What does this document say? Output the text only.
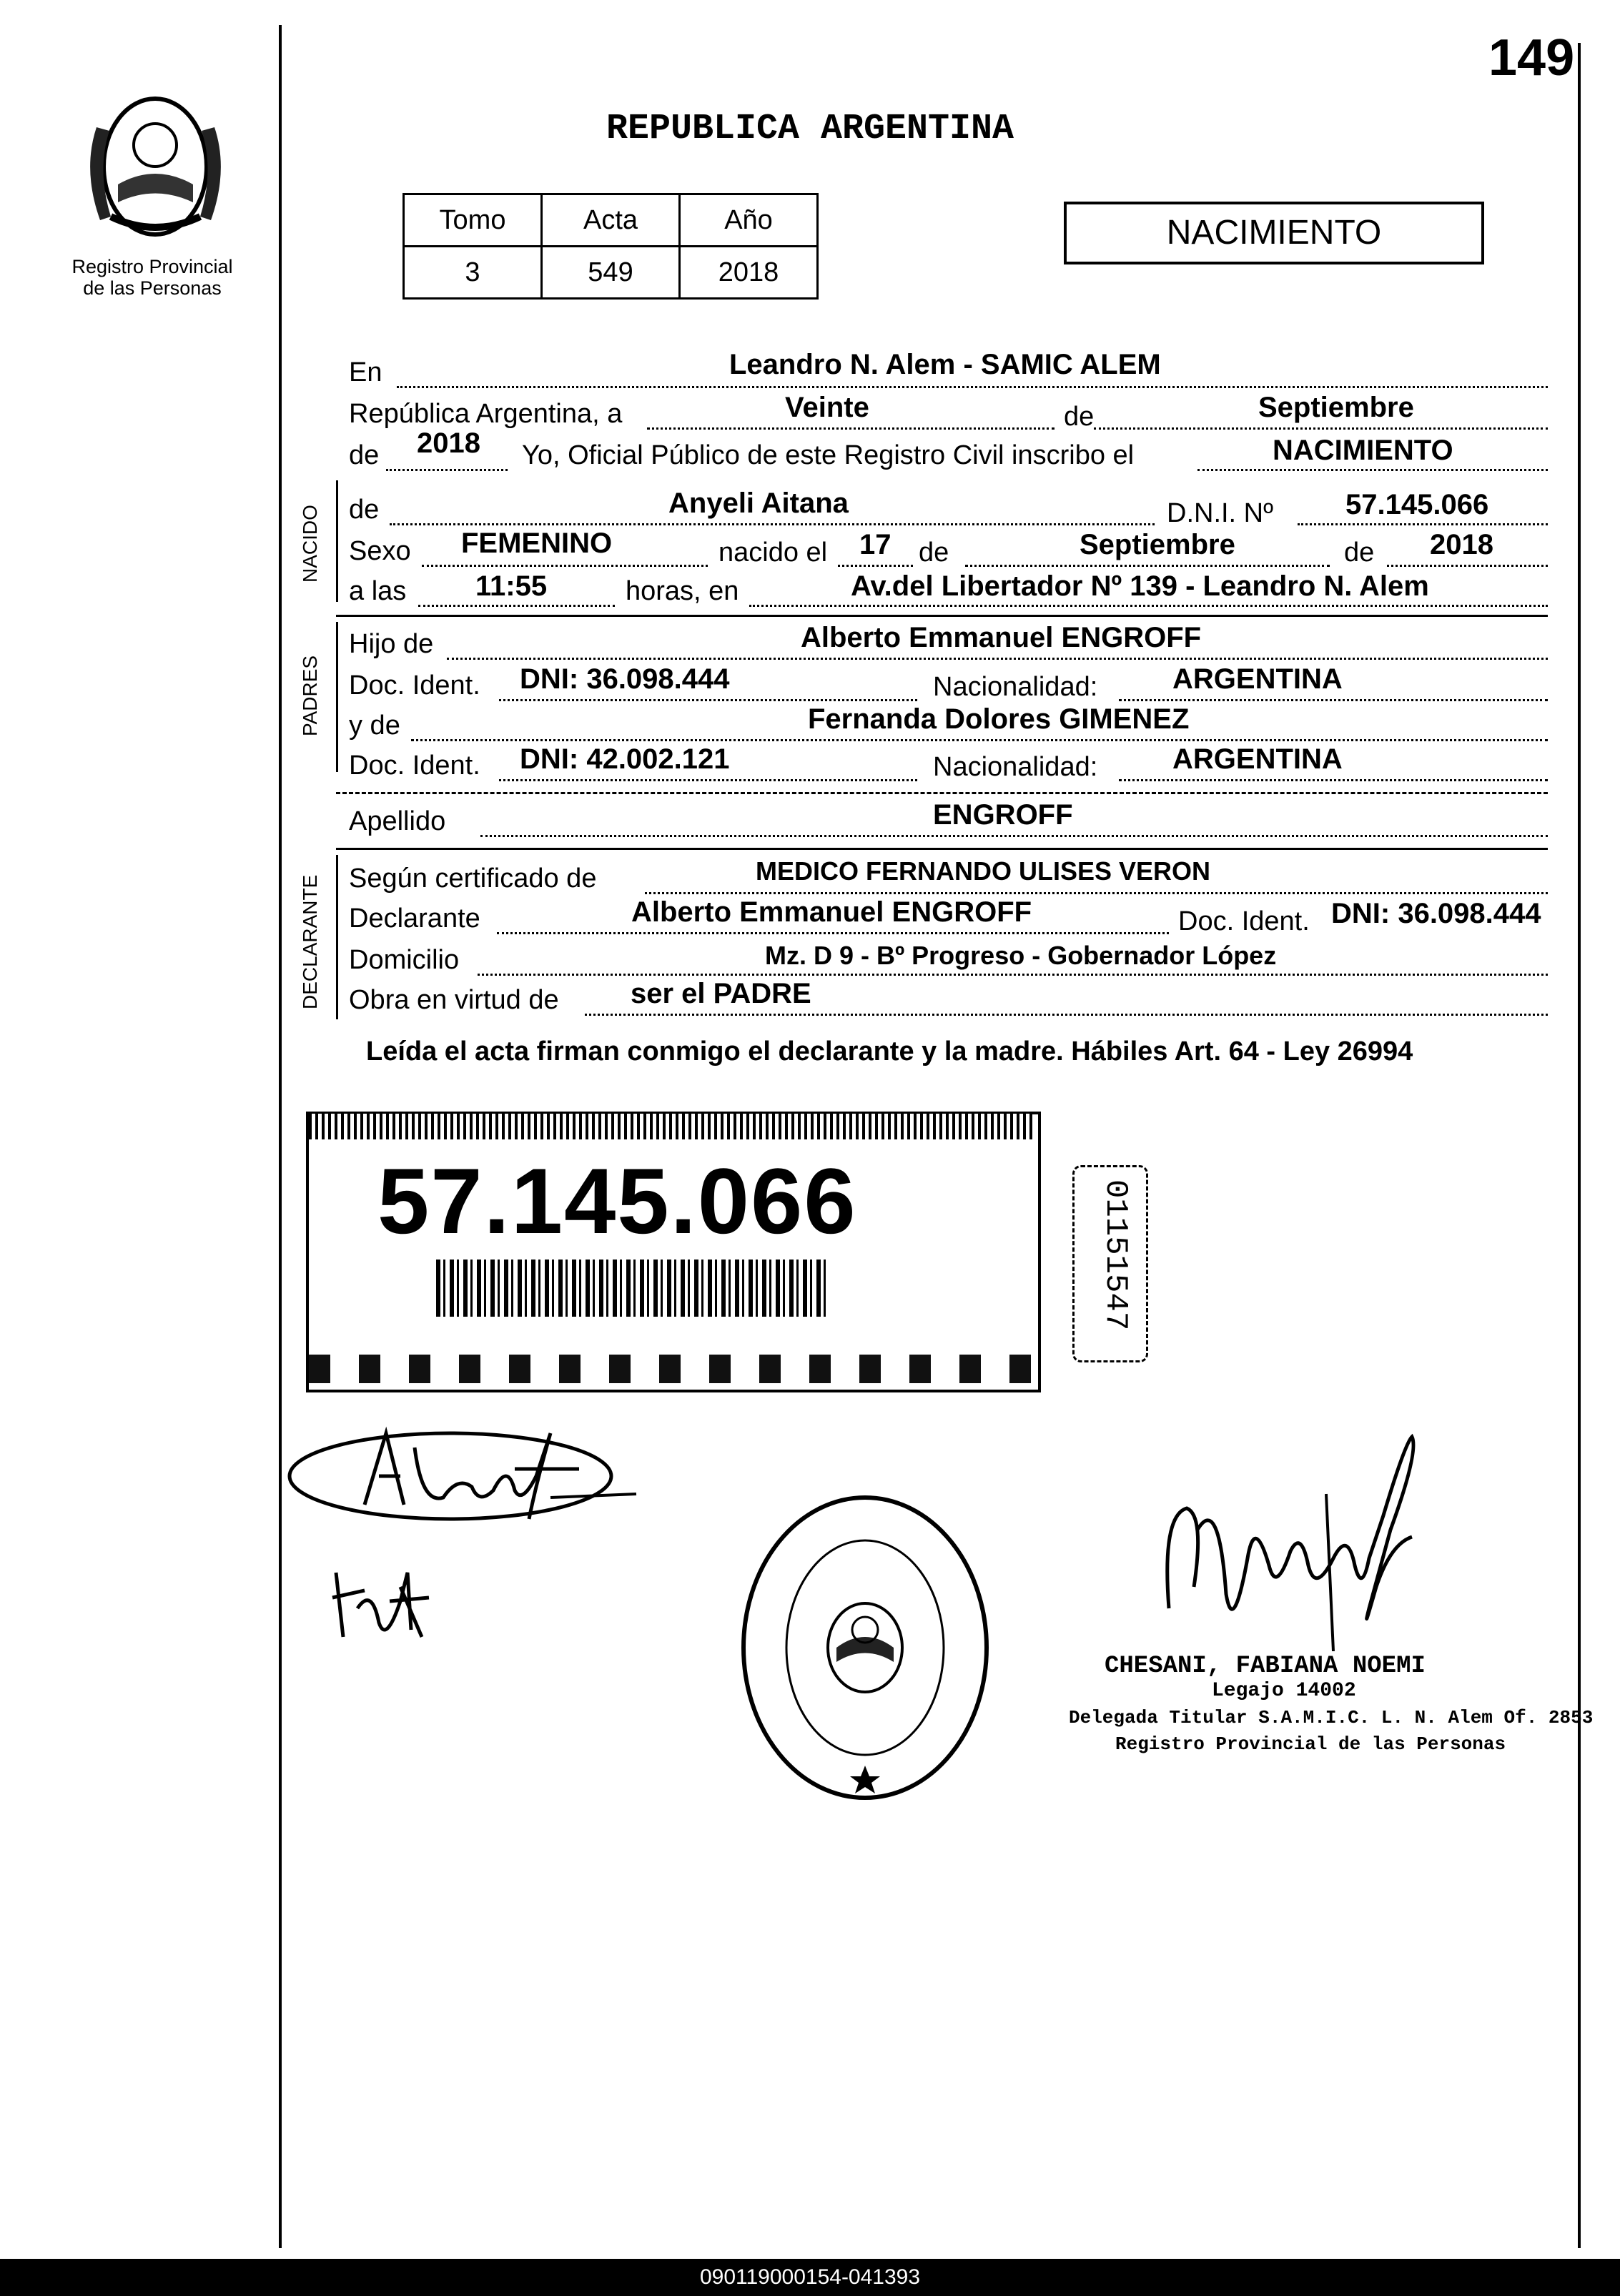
149
Registro Provincial
de las Personas
REPUBLICA ARGENTINA
Tomo	Acta	Año
3	549	2018
NACIMIENTO
En	Leandro N. Alem - SAMIC ALEM
República Argentina, a	Veinte	de	Septiembre
de 2018 Yo, Oficial Público de este Registro Civil inscribo el	NACIMIENTO
NACIDO de	Anyeli Aitana	D.N.I. Nº	57.145.066
Sexo FEMENINO	nacido el 17 de	Septiembre	de 2018
a las 11:55	horas, en	Av.del Libertador Nº 139 - Leandro N. Alem
PADRES
Hijo de	Alberto Emmanuel ENGROFF
Doc. Ident. DNI: 36.098.444	Nacionalidad:	ARGENTINA
y de	Fernanda Dolores GIMENEZ
Doc. Ident. DNI: 42.002.121	Nacionalidad:	ARGENTINA
Apellido	ENGROFF
DECLARANTE Según certificado de	MEDICO FERNANDO ULISES VERON
Declarante	Alberto Emmanuel ENGROFF	Doc. Ident. DNI: 36.098.444
Domicilio	Mz. D 9 - Bº Progreso - Gobernador López
Obra en virtud de	ser el PADRE
Leída el acta firman conmigo el declarante y la madre. Hábiles Art. 64 - Ley 26994
57.145.066	01151547
CHESANI, FABIANA NOEMI
Legajo 14002
Delegada Titular S.A.M.I.C. L. N. Alem Of. 2853
Registro Provincial de las Personas
090119000154-041393
